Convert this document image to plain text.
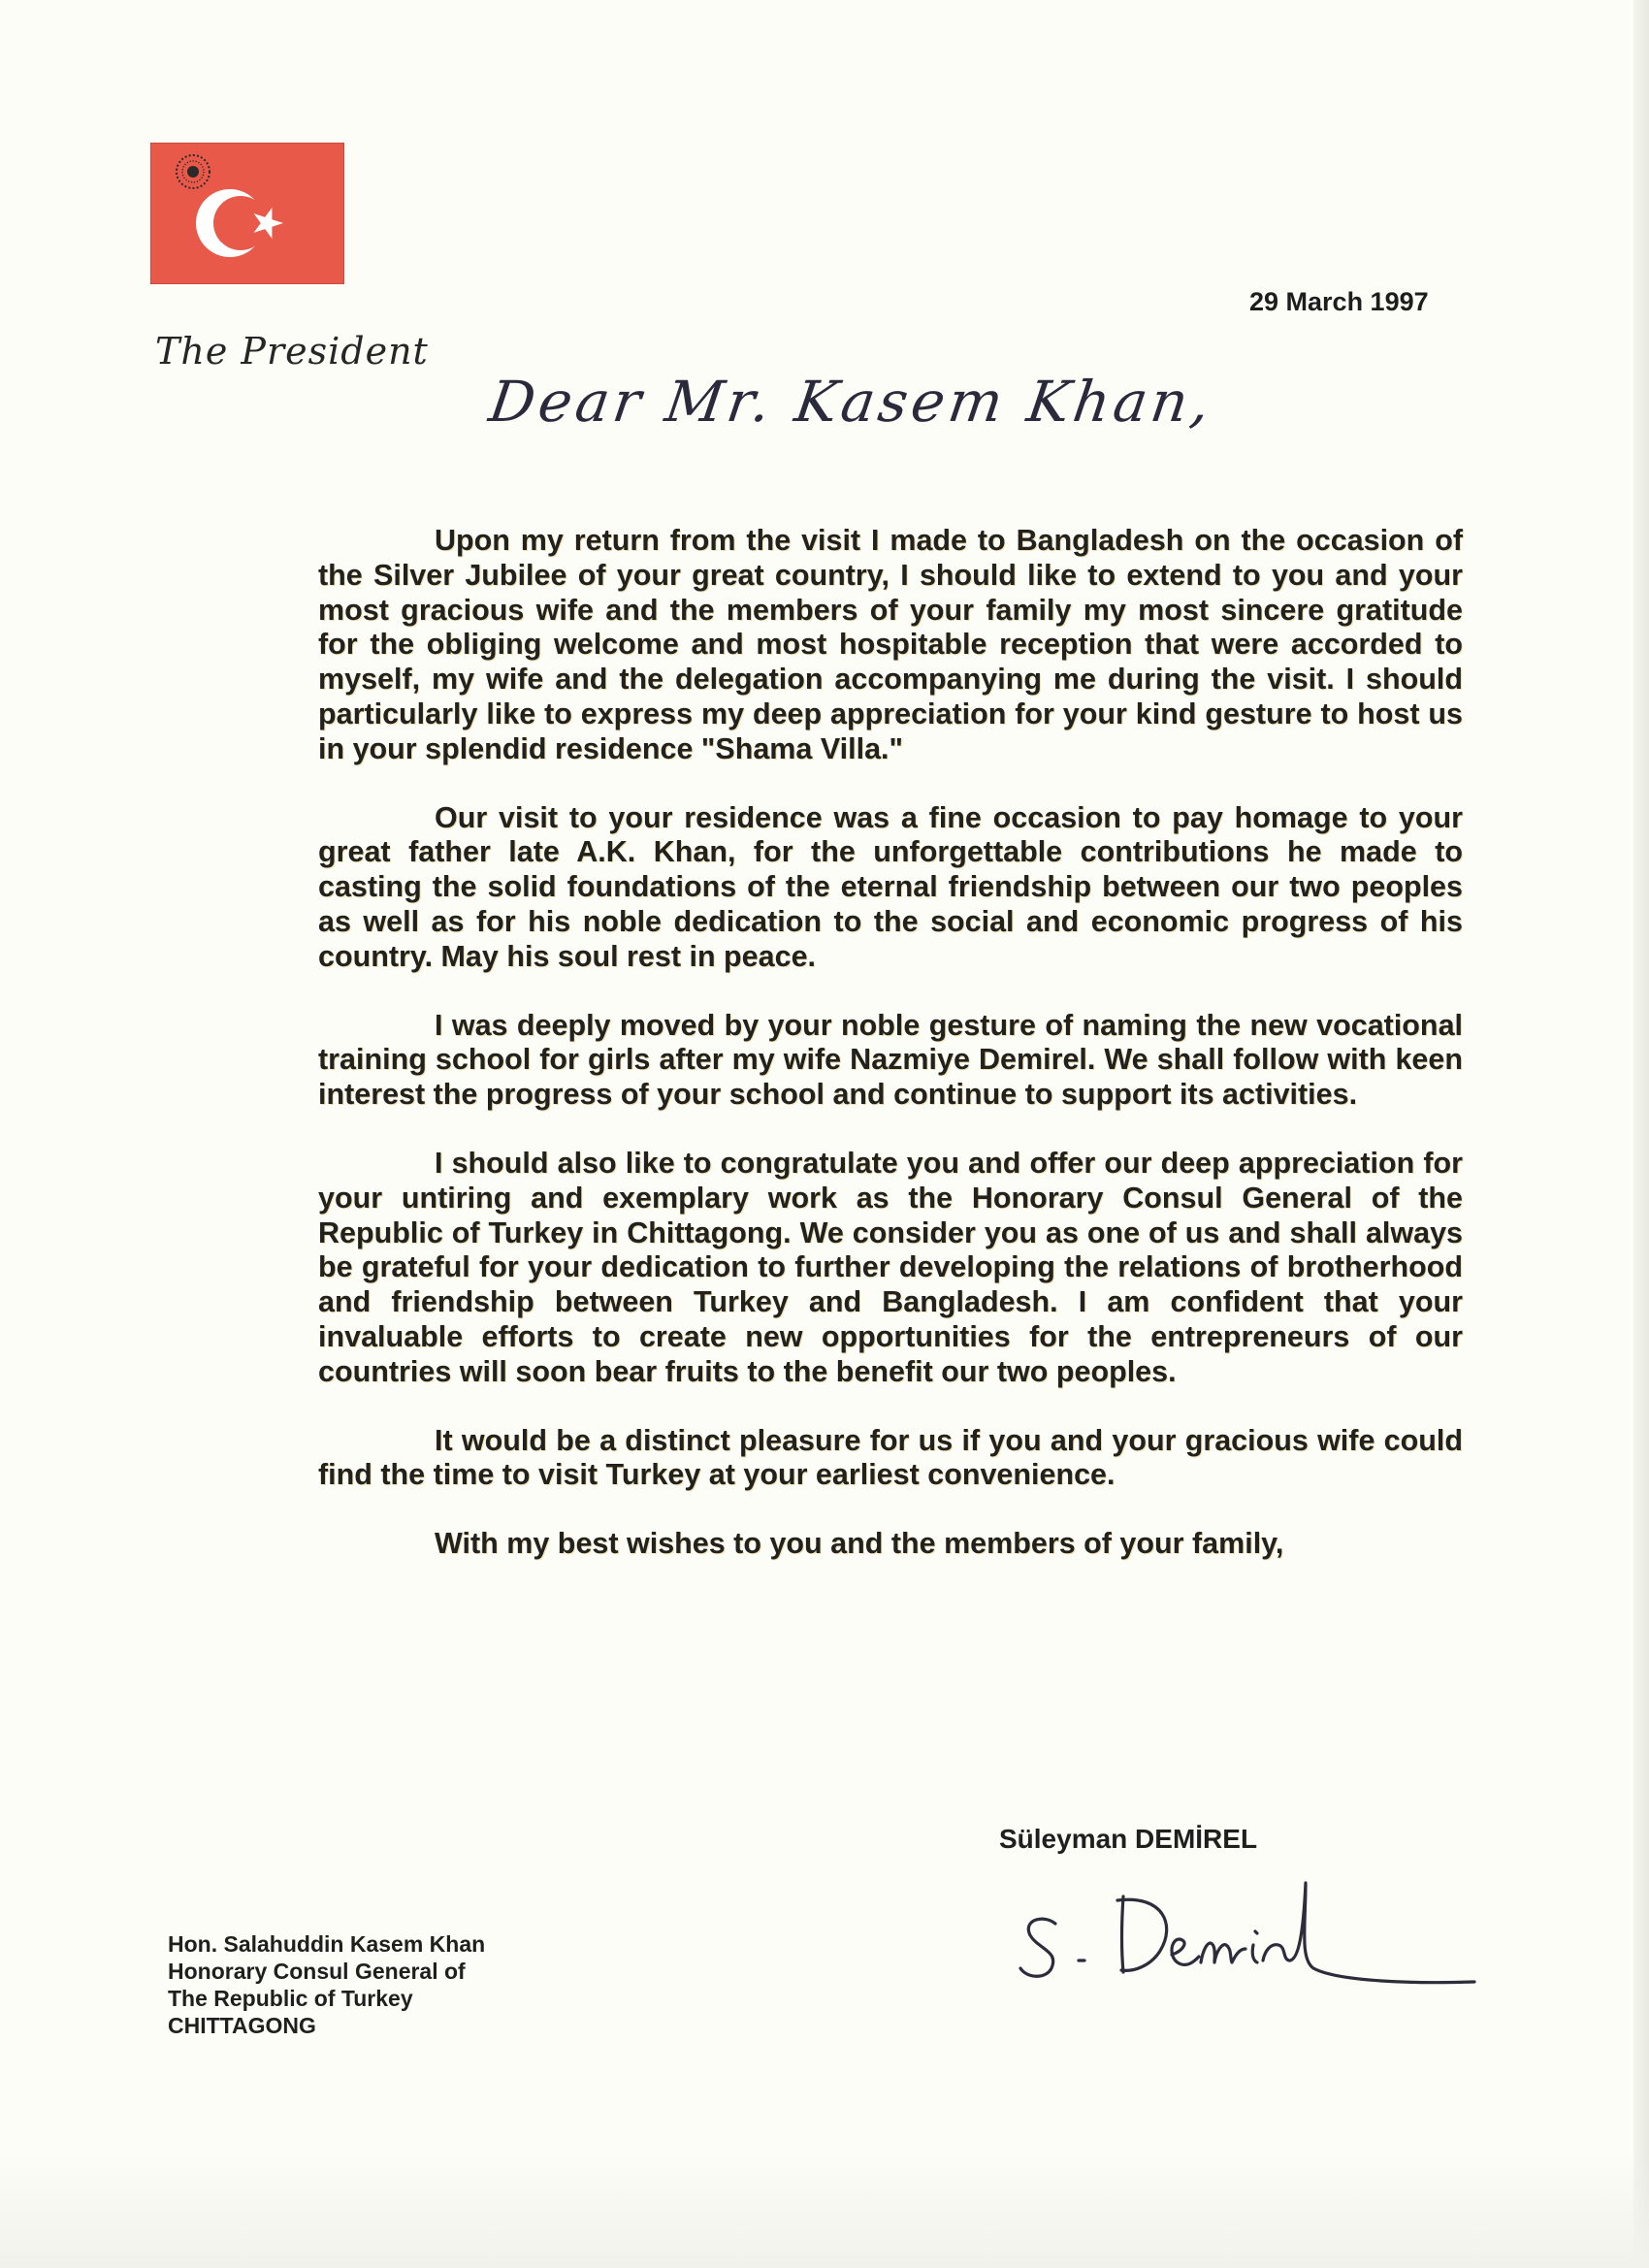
The President
29 March 1997
Dear Mr. Kasem Khan,

Upon my return from the visit I made to Bangladesh on the occasion of the Silver Jubilee of your great country, I should like to extend to you and your most gracious wife and the members of your family my most sincere gratitude for the obliging welcome and most hospitable reception that were accorded to myself, my wife and the delegation accompanying me during the visit. I should particularly like to express my deep appreciation for your kind gesture to host us in your splendid residence "Shama Villa."

Our visit to your residence was a fine occasion to pay homage to your great father late A.K. Khan, for the unforgettable contributions he made to casting the solid foundations of the eternal friendship between our two peoples as well as for his noble dedication to the social and economic progress of his country. May his soul rest in peace.

I was deeply moved by your noble gesture of naming the new vocational training school for girls after my wife Nazmiye Demirel. We shall follow with keen interest the progress of your school and continue to support its activities.

I should also like to congratulate you and offer our deep appreciation for your untiring and exemplary work as the Honorary Consul General of the Republic of Turkey in Chittagong. We consider you as one of us and shall always be grateful for your dedication to further developing the relations of brotherhood and friendship between Turkey and Bangladesh. I am confident that your invaluable efforts to create new opportunities for the entrepreneurs of our countries will soon bear fruits to the benefit our two peoples.

It would be a distinct pleasure for us if you and your gracious wife could find the time to visit Turkey at your earliest convenience.

With my best wishes to you and the members of your family,

Süleyman DEMİREL
Hon. Salahuddin Kasem Khan
Honorary Consul General of
The Republic of Turkey
CHITTAGONG
